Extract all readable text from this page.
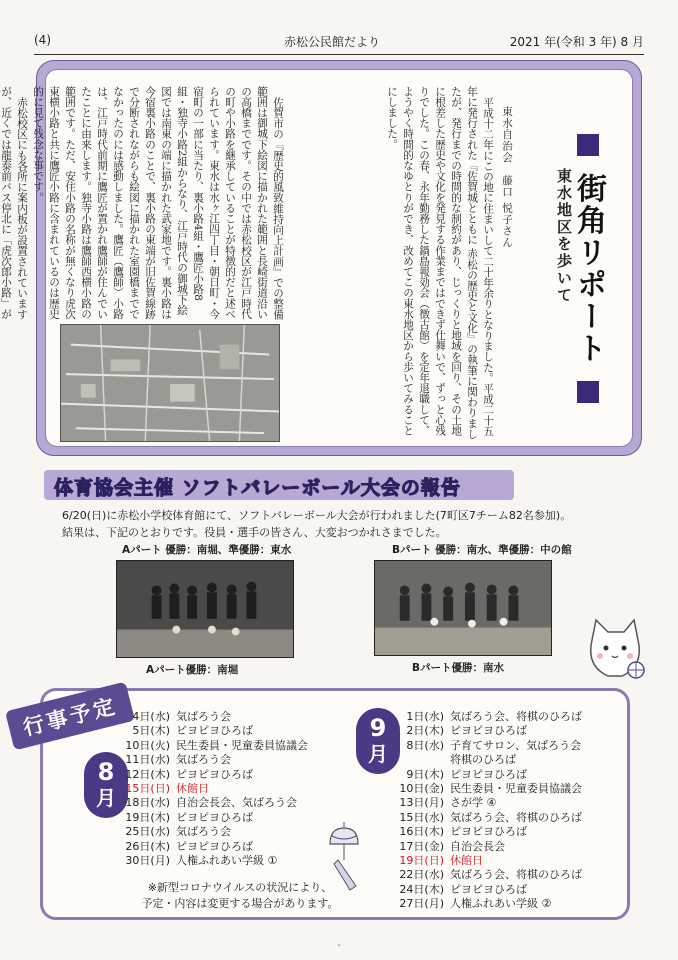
(4)	赤松公民館だより	2021 年(令和 3 年) 8 月
東水自治会　藤口 悦子さん 街角リポート
東水地区を歩いて

平成十二年にこの地に住まいして二十年余りとなりました。平成二十五年に発行された『佐賀城とともに 赤松の歴史と文化』の執筆に関わりましたが、発行までの時間的な制約があり、じっくりと地域を回り、その土地に根差した歴史や文化を発見する作業まではできず仕舞いで、ずっと心残りでした。この春、永年勤務した鍋島報効会（徴古館）を定年退職して、ようやく時間的なゆとりができ、改めてこの東水地区から歩いてみることにしました。

佐賀市の『歴史的風致維持向上計画』での整備範囲は御城下絵図に描かれた範囲と長崎街道沿いの高橋までです。その中では赤松校区が江戸時代の町や小路を継承していることが特徴的だと述べられています。東水は水ヶ江四丁目・朝日町・今宿町の一部に当たり、裏小路4組・鷹匠小路8組・独寺小路2組からなり、江戸時代の御城下絵図では南東の端に描かれた武家地です。裏小路は今宿裏小路のことで、裏小路の東端が旧佐賀線跡で分断されながらも絵図に描かれた室園橋まででなかったのには感動しました。鷹匠（鷹師）小路は、江戸時代前期に鷹匠が置かれ鷹師が住んでいたことに由来します。独寺小路は鷹師西横小路の範囲です。ただ、安住小路の名称が無くなり虎次東横小路と共に鷹匠小路に含まれているのは歴史的に見て残念な事です。

赤松校区にも各所に案内板が設置されていますが、近くでは龍泰前バス停北に「虎次郎小路」が

体育協会主催 ソフトバレーボール大会の報告
6/20(日)に赤松小学校体育館にて、ソフトバレーボール大会が行われました(7町区7チーム82名参加)。
結果は、下記のとおりです。役員・選手の皆さん、大変おつかれさまでした。
Aパート 優勝：南堀、準優勝：東水	Bパート 優勝：南水、準優勝：中の館
Aパート優勝：南堀	Bパート優勝：南水
行事予定
8
月
9
月
4日(水) 気ばろう会
5日(木) ピヨピヨひろば
10日(火) 民生委員・児童委員協議会
11日(水) 気ばろう会
12日(木) ピヨピヨひろば
15日(日) 休館日
18日(水) 自治会長会、気ばろう会
19日(木) ピヨピヨひろば
25日(水) 気ばろう会
26日(木) ピヨピヨひろば
30日(月) 人権ふれあい学級 ①
1日(水) 気ばろう会、将棋のひろば
2日(木) ピヨピヨひろば
8日(水) 子育てサロン、気ばろう会
将棋のひろば
9日(木) ピヨピヨひろば
10日(金) 民生委員・児童委員協議会
13日(月) さが学 ④
15日(水) 気ばろう会、将棋のひろば
16日(木) ピヨピヨひろば
17日(金) 自治会長会
19日(日) 休館日
22日(水) 気ばろう会、将棋のひろば
24日(木) ピヨピヨひろば
27日(月) 人権ふれあい学級 ②
※新型コロナウイルスの状況により、
予定・内容は変更する場合があります。
-
